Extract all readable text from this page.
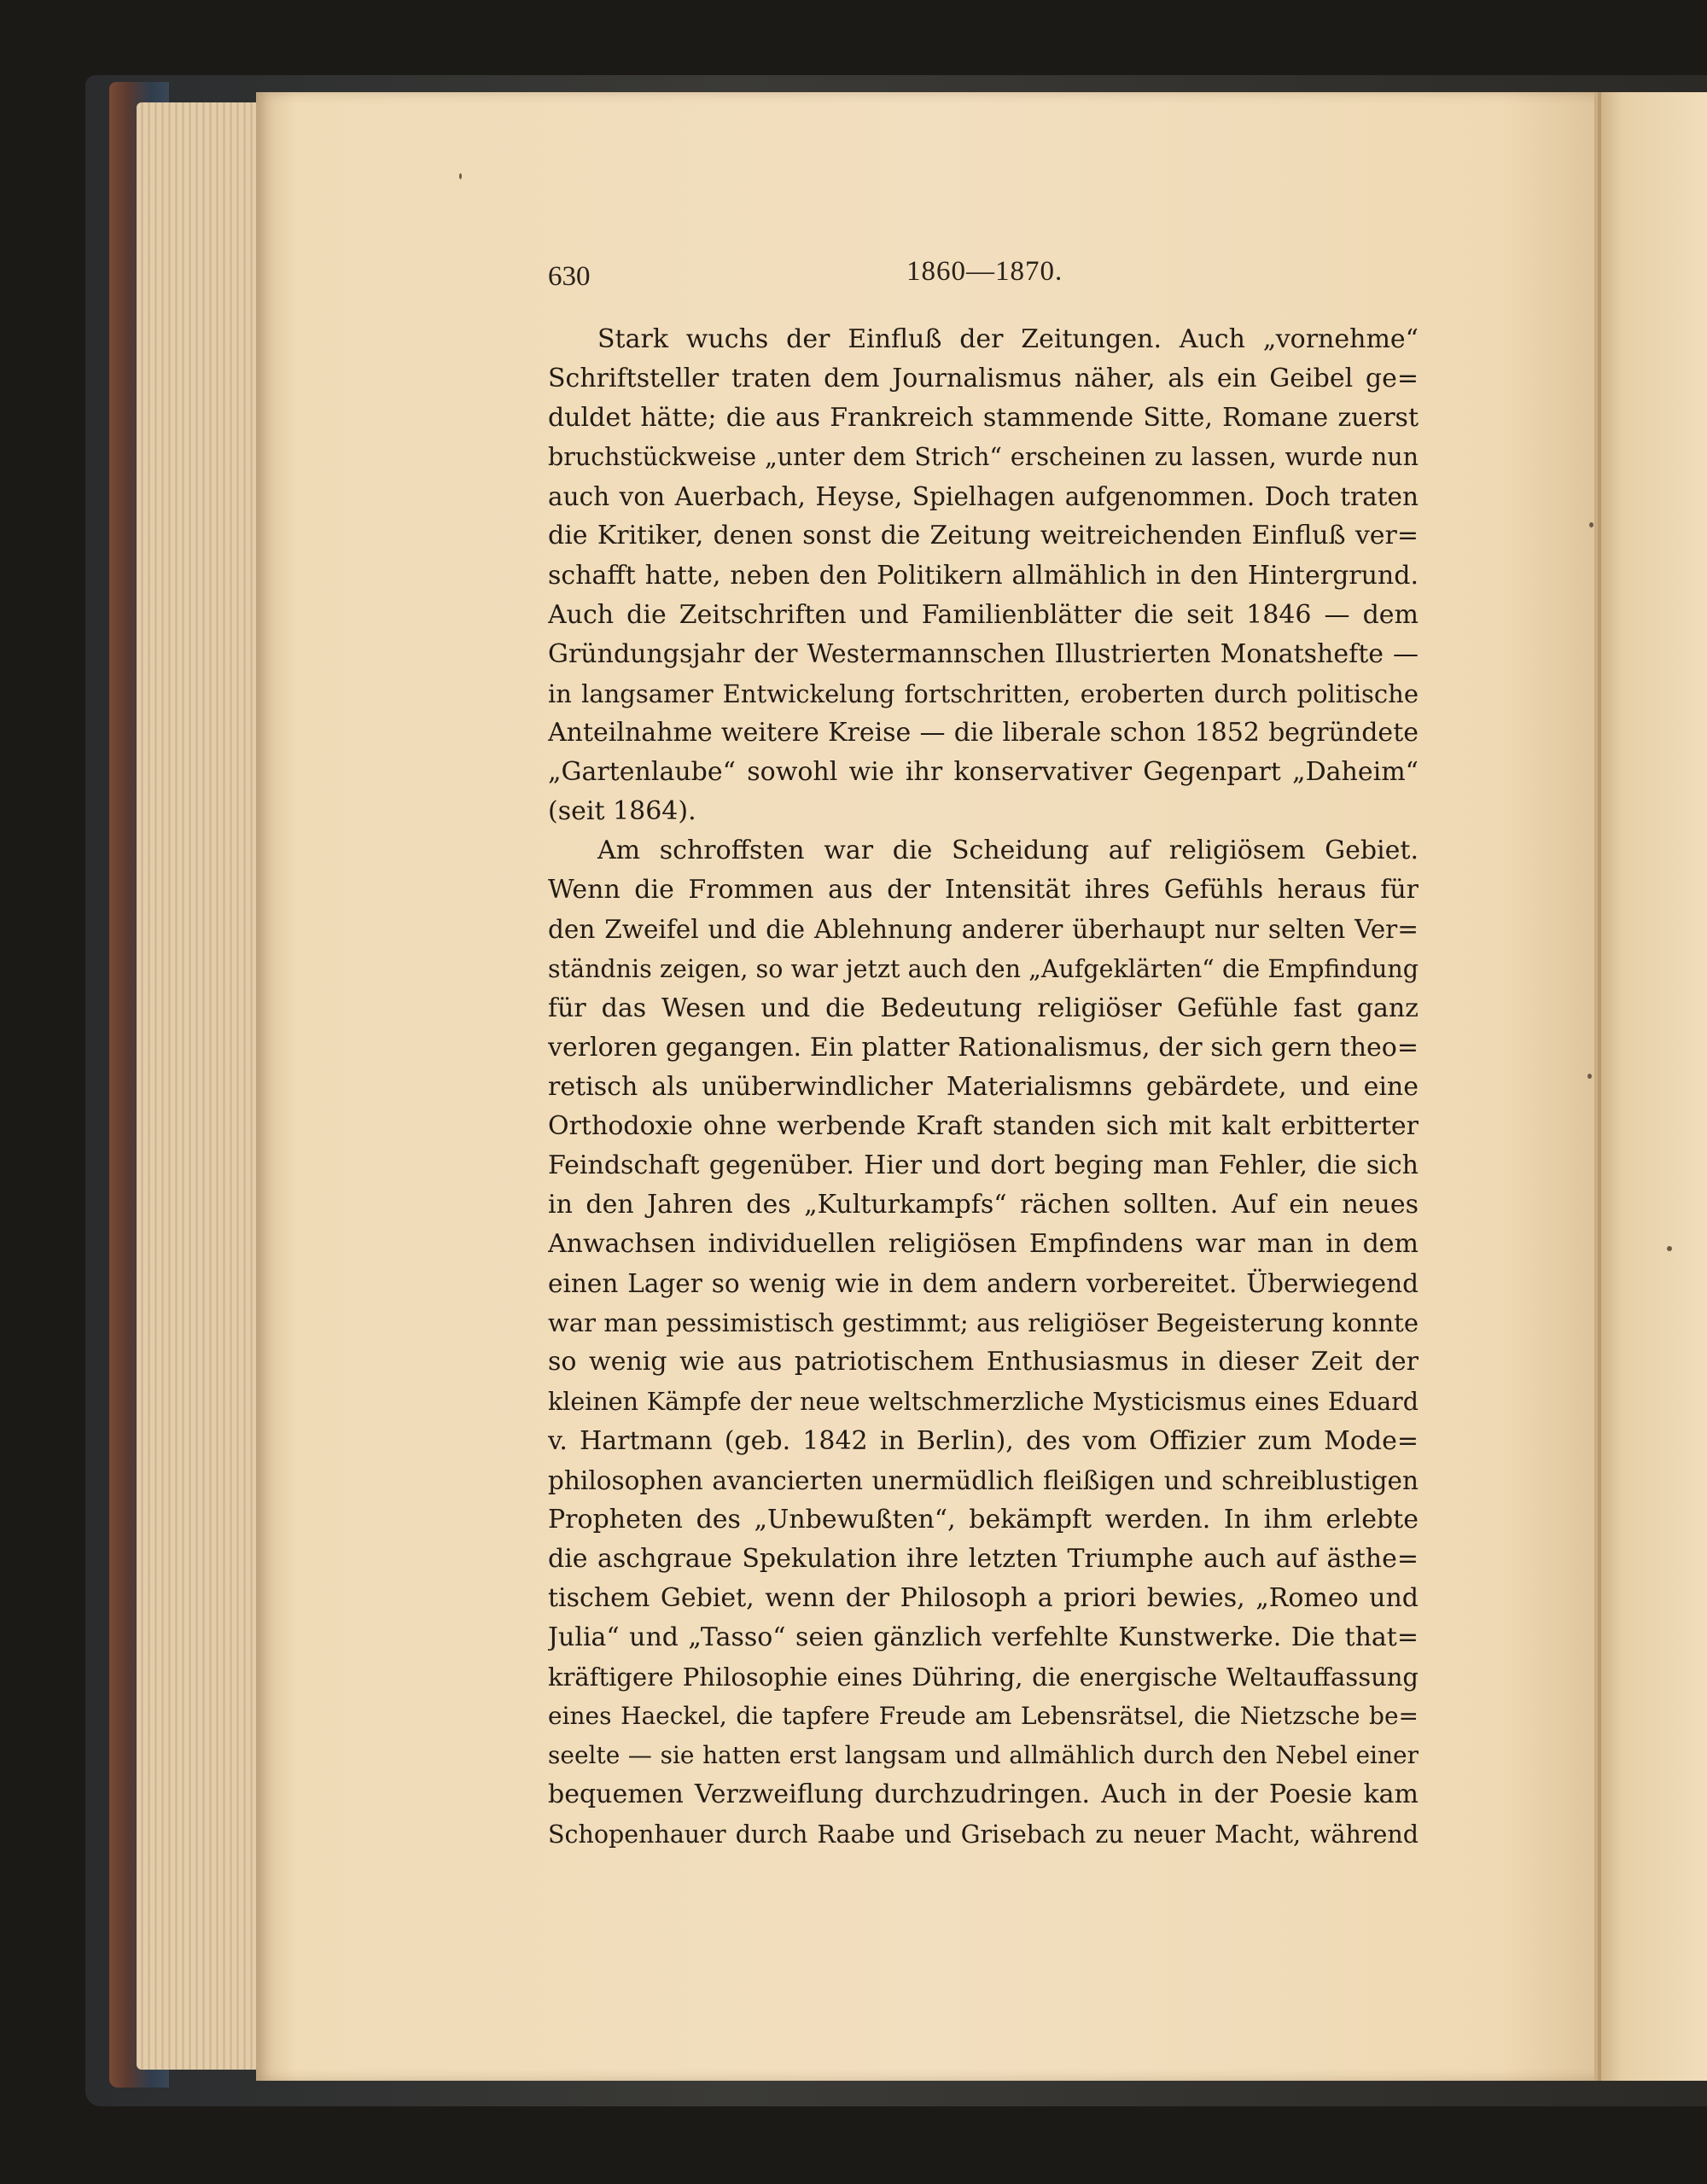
630	1860—1870.
Stark wuchs der Einfluß der Zeitungen. Auch „vornehme“
Schriftsteller traten dem Journalismus näher, als ein Geibel ge=
duldet hätte; die aus Frankreich stammende Sitte, Romane zuerst
bruchstückweise „unter dem Strich“ erscheinen zu lassen, wurde nun
auch von Auerbach, Heyse, Spielhagen aufgenommen. Doch traten
die Kritiker, denen sonst die Zeitung weitreichenden Einfluß ver=
schafft hatte, neben den Politikern allmählich in den Hintergrund.
Auch die Zeitschriften und Familienblätter die seit 1846 — dem
Gründungsjahr der Westermannschen Illustrierten Monatshefte —
in langsamer Entwickelung fortschritten, eroberten durch politische
Anteilnahme weitere Kreise — die liberale schon 1852 begründete
„Gartenlaube“ sowohl wie ihr konservativer Gegenpart „Daheim“
(seit 1864).
Am schroffsten war die Scheidung auf religiösem Gebiet.
Wenn die Frommen aus der Intensität ihres Gefühls heraus für
den Zweifel und die Ablehnung anderer überhaupt nur selten Ver=
ständnis zeigen, so war jetzt auch den „Aufgeklärten“ die Empfindung
für das Wesen und die Bedeutung religiöser Gefühle fast ganz
verloren gegangen. Ein platter Rationalismus, der sich gern theo=
retisch als unüberwindlicher Materialismns gebärdete, und eine
Orthodoxie ohne werbende Kraft standen sich mit kalt erbitterter
Feindschaft gegenüber. Hier und dort beging man Fehler, die sich
in den Jahren des „Kulturkampfs“ rächen sollten. Auf ein neues
Anwachsen individuellen religiösen Empfindens war man in dem
einen Lager so wenig wie in dem andern vorbereitet. Überwiegend
war man pessimistisch gestimmt; aus religiöser Begeisterung konnte
so wenig wie aus patriotischem Enthusiasmus in dieser Zeit der
kleinen Kämpfe der neue weltschmerzliche Mysticismus eines Eduard
v. Hartmann (geb. 1842 in Berlin), des vom Offizier zum Mode=
philosophen avancierten unermüdlich fleißigen und schreiblustigen
Propheten des „Unbewußten“, bekämpft werden. In ihm erlebte
die aschgraue Spekulation ihre letzten Triumphe auch auf ästhe=
tischem Gebiet, wenn der Philosoph a priori bewies, „Romeo und
Julia“ und „Tasso“ seien gänzlich verfehlte Kunstwerke. Die that=
kräftigere Philosophie eines Dühring, die energische Weltauffassung
eines Haeckel, die tapfere Freude am Lebensrätsel, die Nietzsche be=
seelte — sie hatten erst langsam und allmählich durch den Nebel einer
bequemen Verzweiflung durchzudringen. Auch in der Poesie kam
Schopenhauer durch Raabe und Grisebach zu neuer Macht, während
